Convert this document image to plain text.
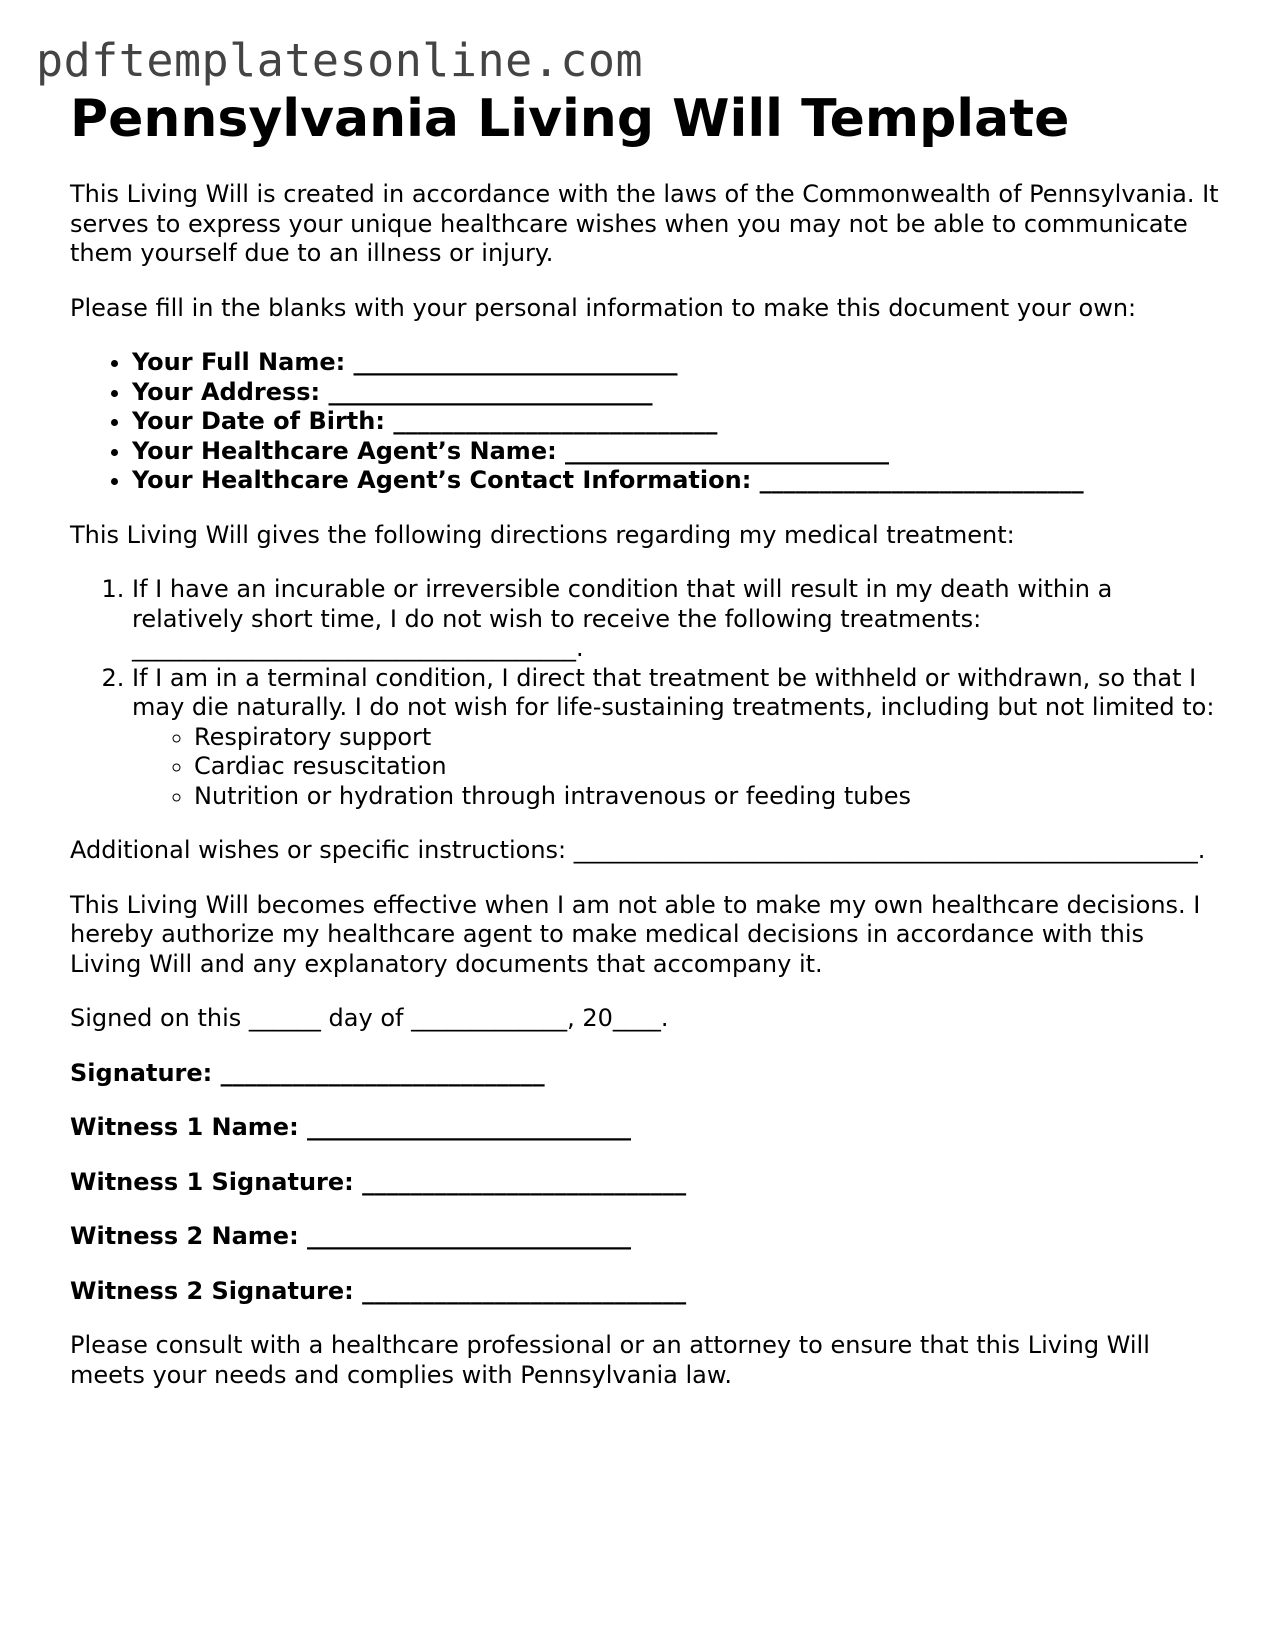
pdftemplatesonline.com
Pennsylvania Living Will Template

This Living Will is created in accordance with the laws of the Commonwealth of Pennsylvania. It serves to express your unique healthcare wishes when you may not be able to communicate them yourself due to an illness or injury.

Please fill in the blanks with your personal information to make this document your own:

• Your Full Name: ___________________________
• Your Address: ___________________________
• Your Date of Birth: ___________________________
• Your Healthcare Agent’s Name: ___________________________
• Your Healthcare Agent’s Contact Information: ___________________________

This Living Will gives the following directions regarding my medical treatment:

1. If I have an incurable or irreversible condition that will result in my death within a relatively short time, I do not wish to receive the following treatments: _____________________________________.
2. If I am in a terminal condition, I direct that treatment be withheld or withdrawn, so that I may die naturally. I do not wish for life-sustaining treatments, including but not limited to:
◦ Respiratory support
◦ Cardiac resuscitation
◦ Nutrition or hydration through intravenous or feeding tubes

Additional wishes or specific instructions: ____________________________________________________.

This Living Will becomes effective when I am not able to make my own healthcare decisions. I hereby authorize my healthcare agent to make medical decisions in accordance with this Living Will and any explanatory documents that accompany it.

Signed on this ______ day of _____________, 20____.

Signature: ___________________________

Witness 1 Name: ___________________________

Witness 1 Signature: ___________________________

Witness 2 Name: ___________________________

Witness 2 Signature: ___________________________

Please consult with a healthcare professional or an attorney to ensure that this Living Will meets your needs and complies with Pennsylvania law.
